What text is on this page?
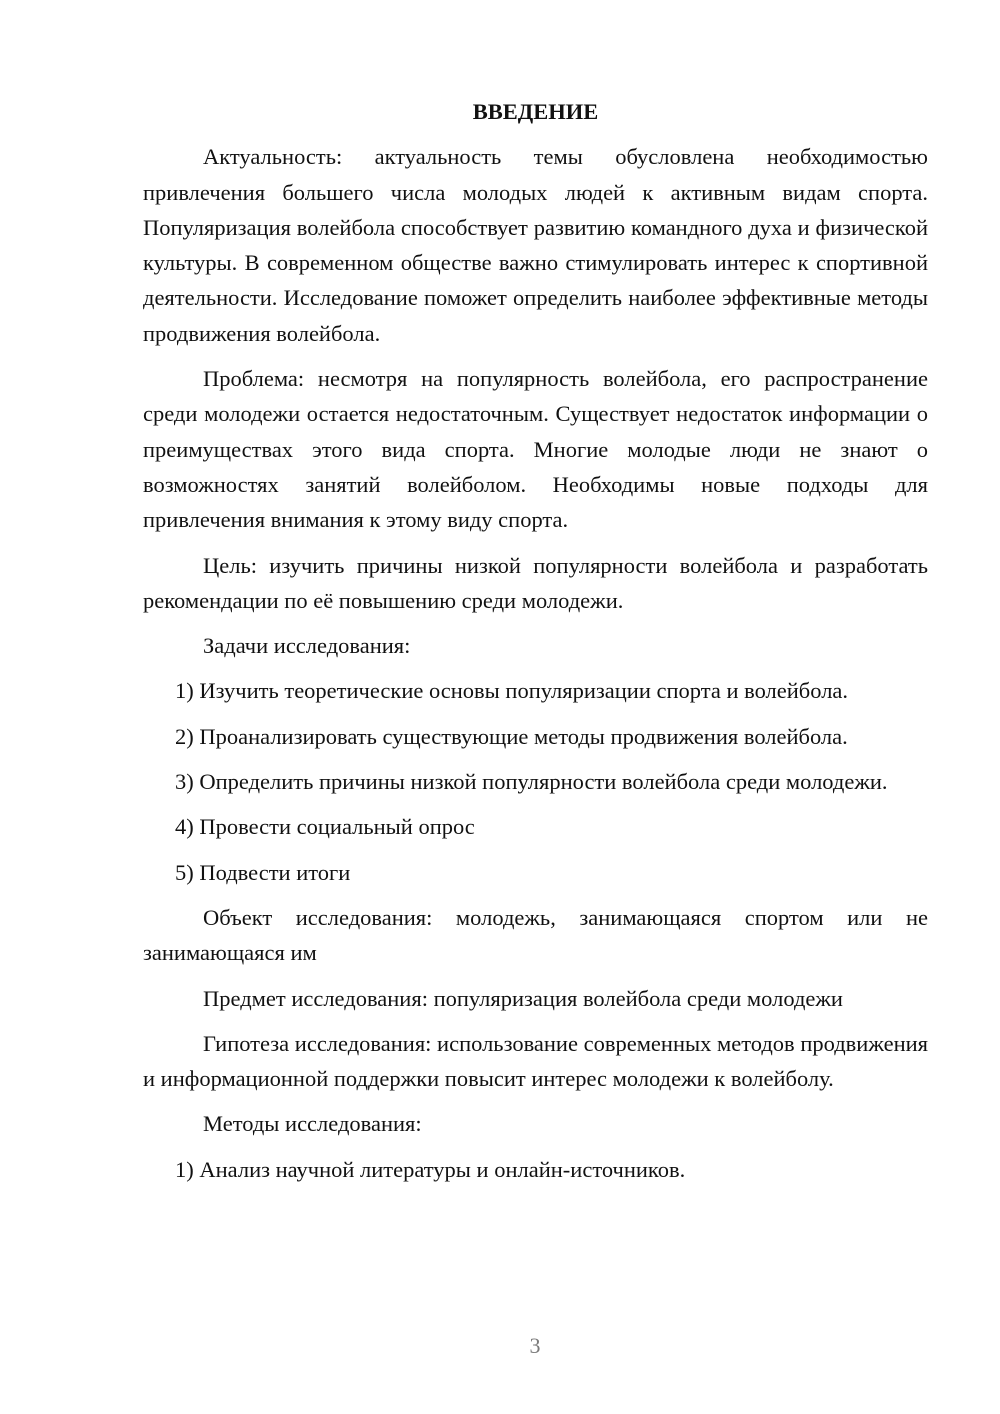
ВВЕДЕНИЕ

Актуальность: актуальность темы обусловлена необходимостью привлечения большего числа молодых людей к активным видам спорта. Популяризация волейбола способствует развитию командного духа и физической культуры. В современном обществе важно стимулировать интерес к спортивной деятельности. Исследование поможет определить наиболее эффективные методы продвижения волейбола.

Проблема: несмотря на популярность волейбола, его распространение среди молодежи остается недостаточным. Существует недостаток информации о преимуществах этого вида спорта. Многие молодые люди не знают о возможностях занятий волейболом. Необходимы новые подходы для привлечения внимания к этому виду спорта.

Цель: изучить причины низкой популярности волейбола и разработать рекомендации по её повышению среди молодежи.

Задачи исследования:

1) Изучить теоретические основы популяризации спорта и волейбола.

2) Проанализировать существующие методы продвижения волейбола.

3) Определить причины низкой популярности волейбола среди молодежи.

4) Провести социальный опрос

5) Подвести итоги

Объект исследования: молодежь, занимающаяся спортом или не занимающаяся им

Предмет исследования: популяризация волейбола среди молодежи

Гипотеза исследования: использование современных методов продвижения и информационной поддержки повысит интерес молодежи к волейболу.

Методы исследования:

1) Анализ научной литературы и онлайн-источников.

3
